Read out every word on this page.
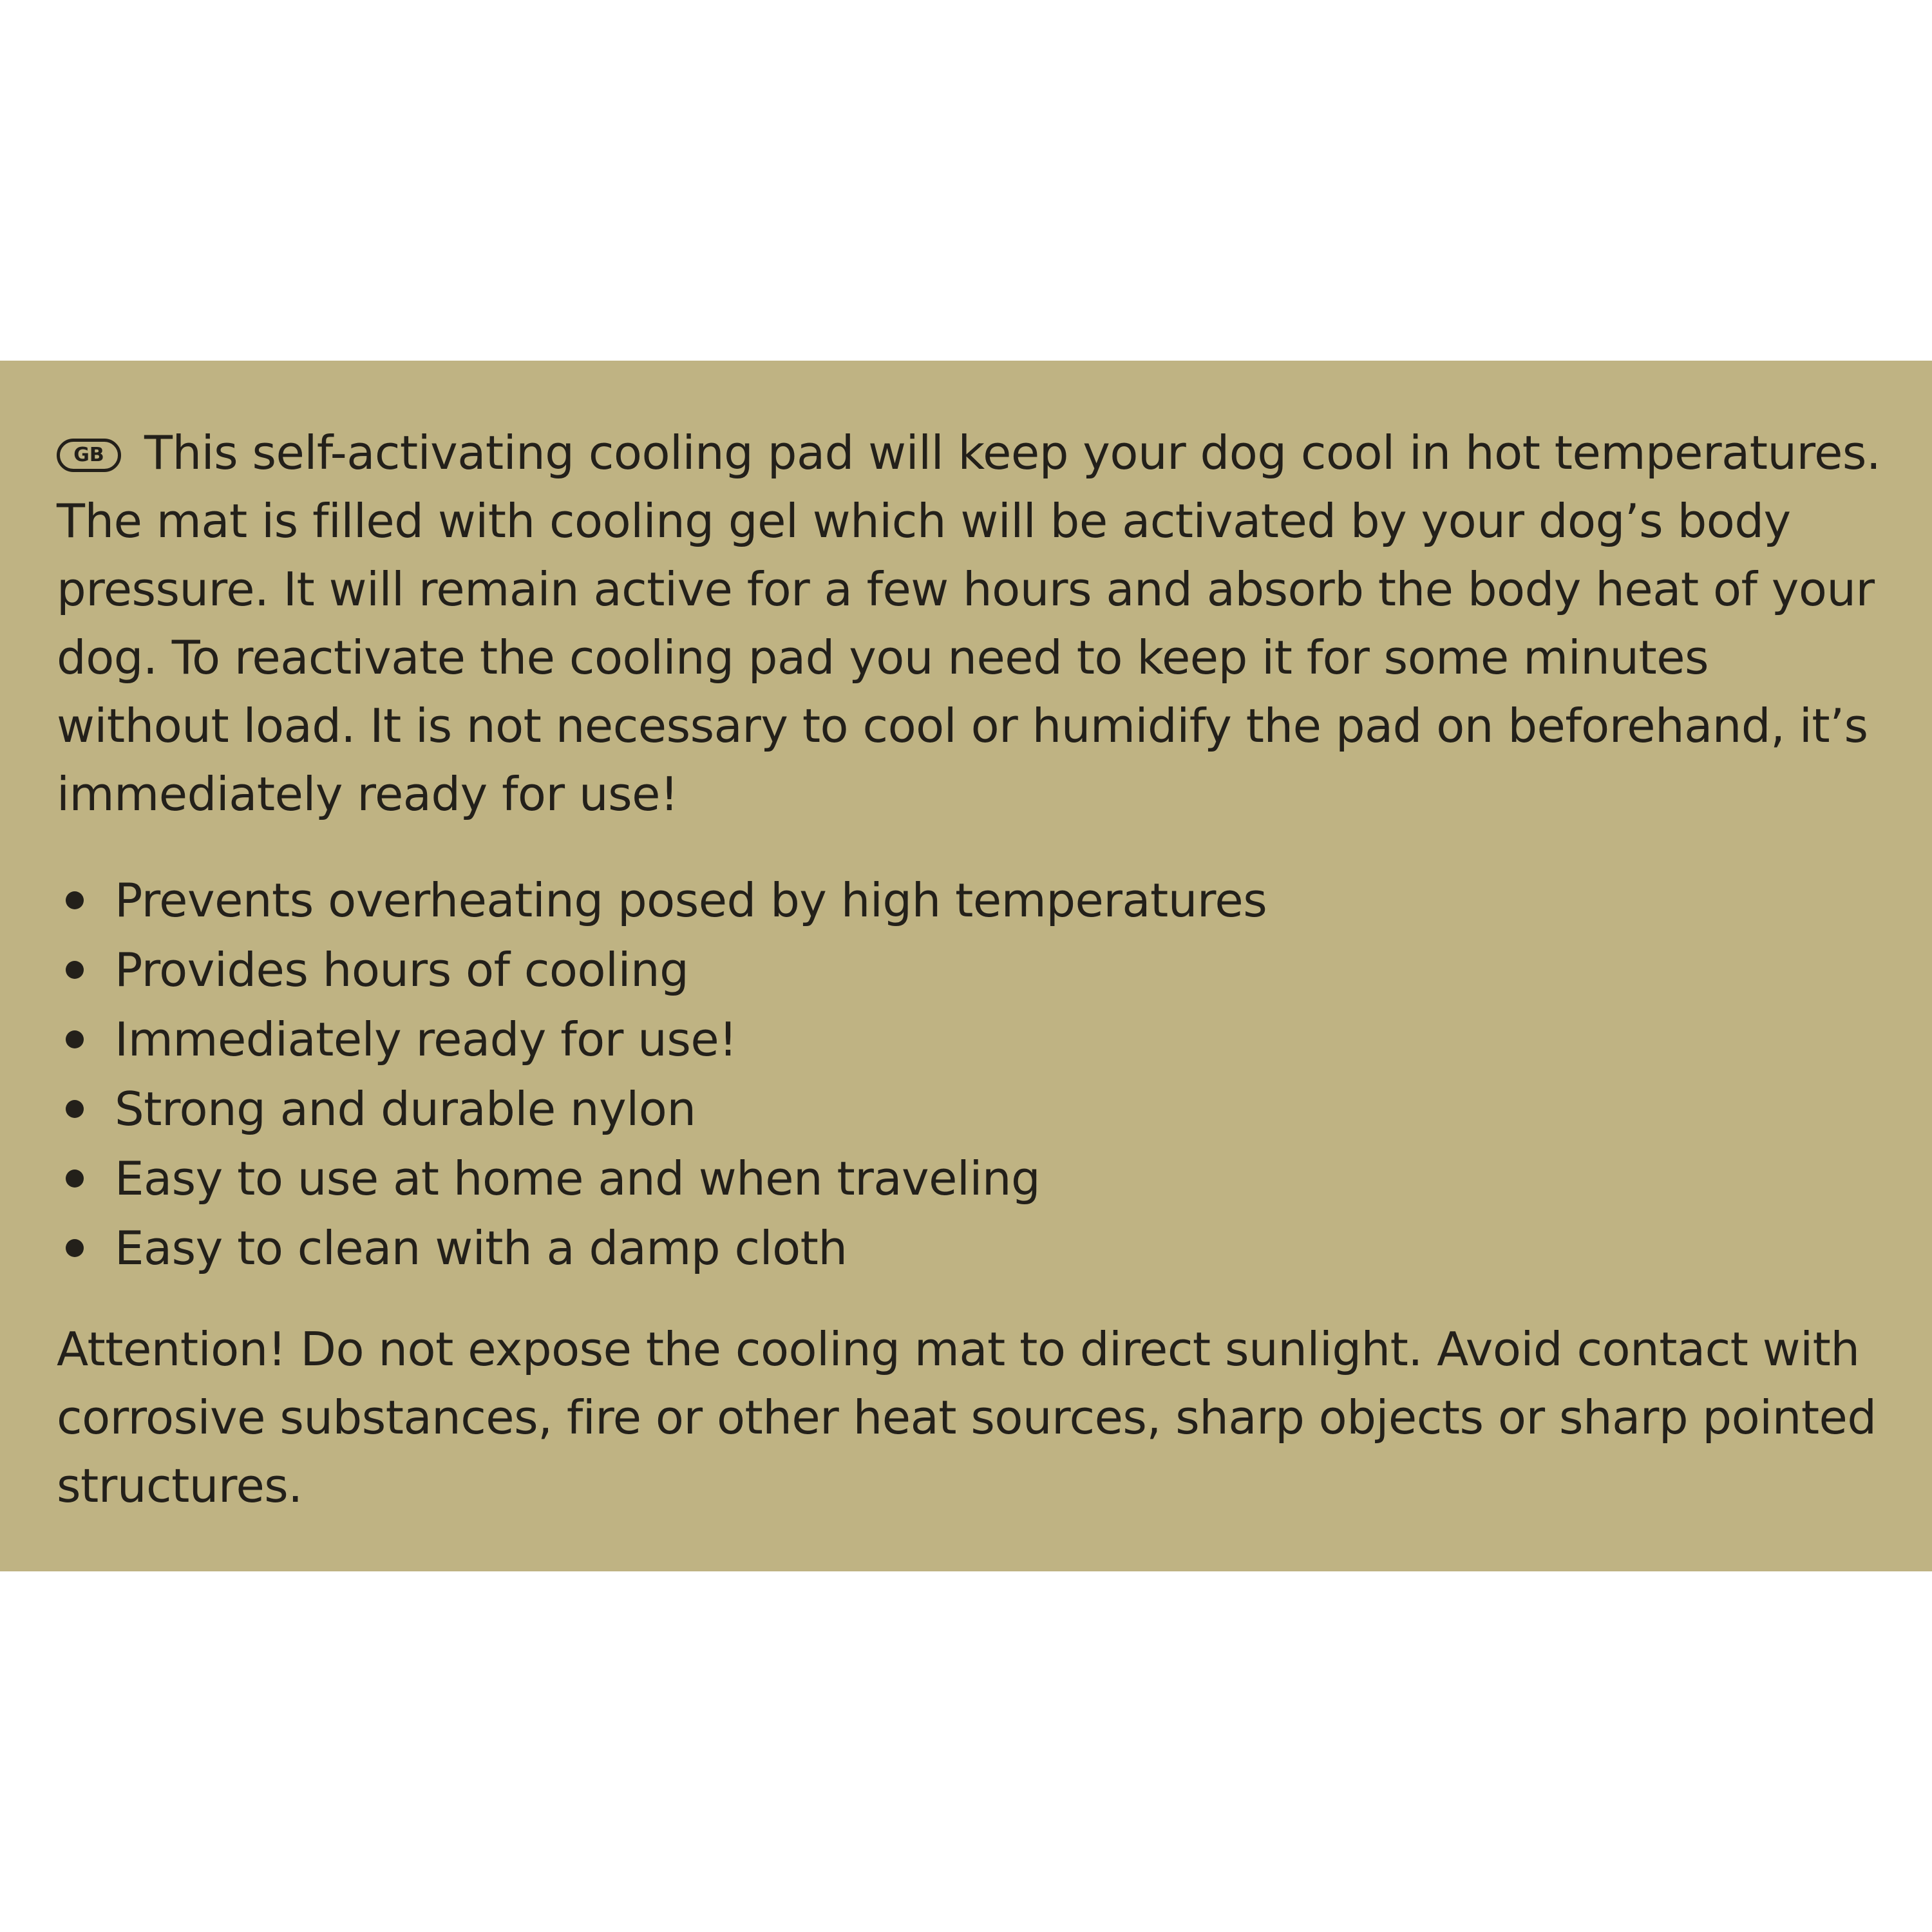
GB This self-activating cooling pad will keep your dog cool in hot temperatures. The mat is filled with cooling gel which will be activated by your dog’s body pressure. It will remain active for a few hours and absorb the body heat of your dog. To reactivate the cooling pad you need to keep it for some minutes without load. It is not necessary to cool or humidify the pad on beforehand, it’s immediately ready for use!

Prevents overheating posed by high temperatures
Provides hours of cooling
Immediately ready for use!
Strong and durable nylon
Easy to use at home and when traveling
Easy to clean with a damp cloth

Attention! Do not expose the cooling mat to direct sunlight. Avoid contact with corrosive substances, fire or other heat sources, sharp objects or sharp pointed structures.
